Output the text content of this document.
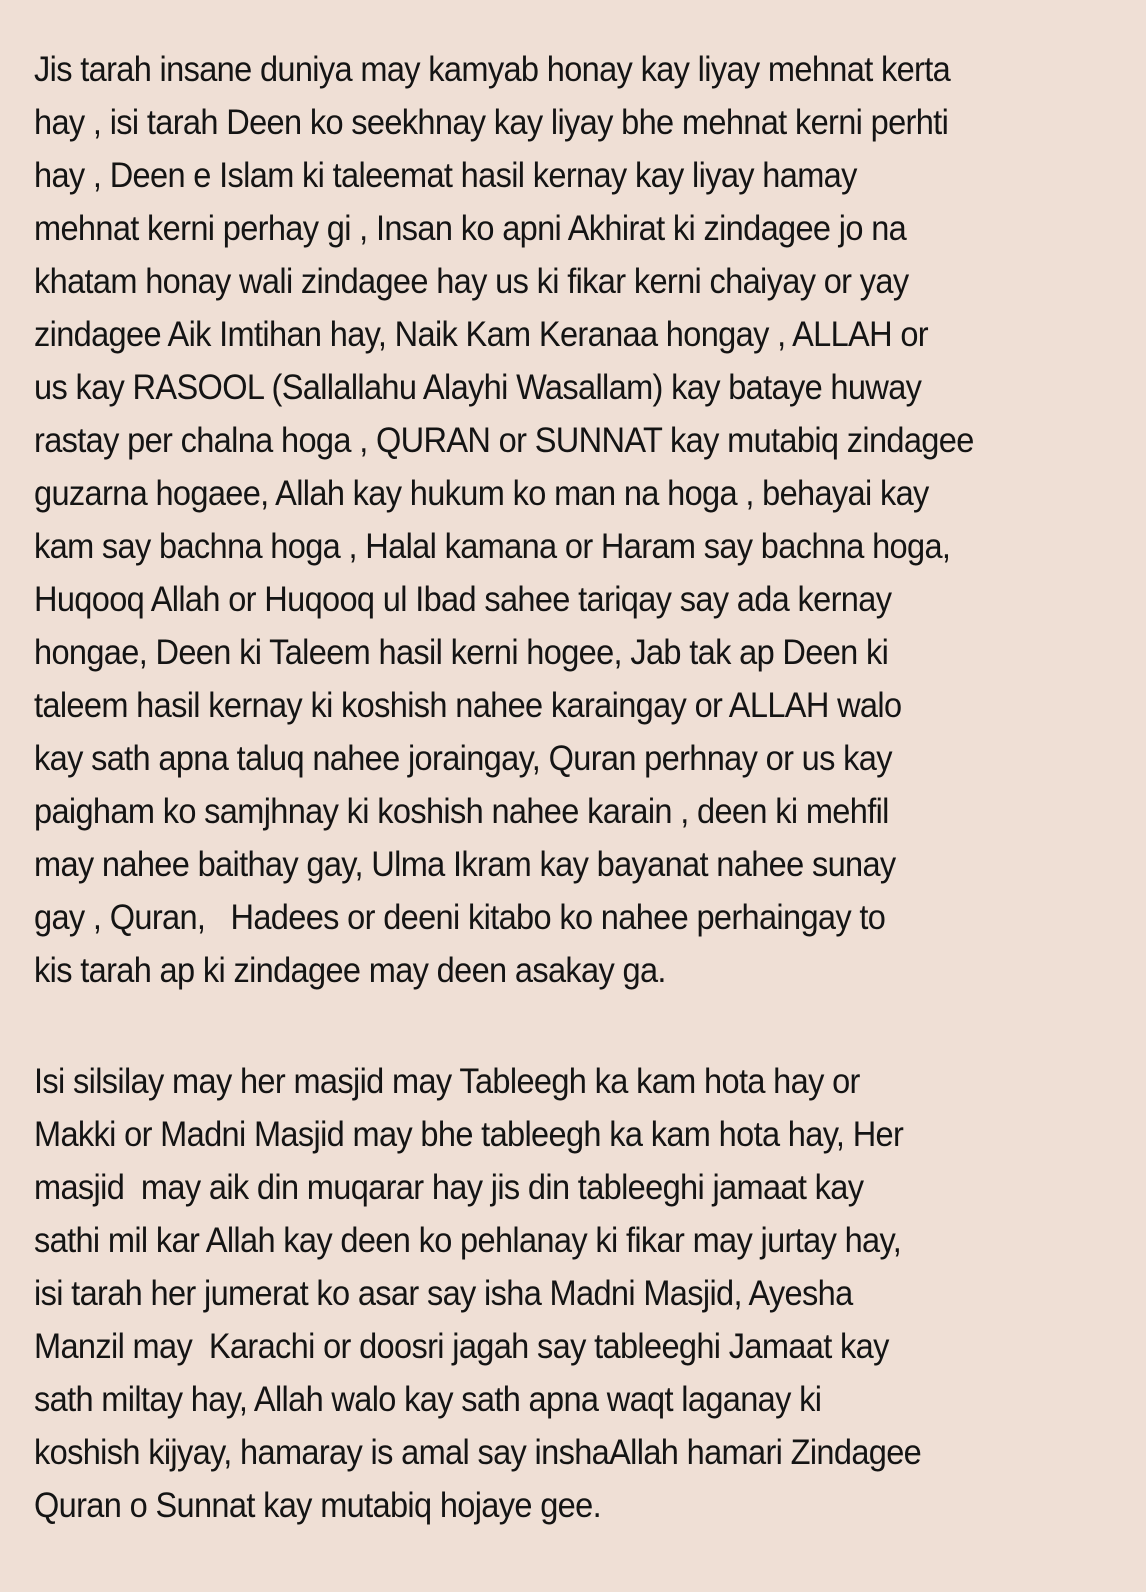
Jis tarah insane duniya may kamyab honay kay liyay mehnat kerta
hay , isi tarah Deen ko seekhnay kay liyay bhe mehnat kerni perhti
hay , Deen e Islam ki taleemat hasil kernay kay liyay hamay
mehnat kerni perhay gi , Insan ko apni Akhirat ki zindagee jo na
khatam honay wali zindagee hay us ki fikar kerni chaiyay or yay
zindagee Aik Imtihan hay, Naik Kam Keranaa hongay , ALLAH or
us kay RASOOL (Sallallahu Alayhi Wasallam) kay bataye huway
rastay per chalna hoga , QURAN or SUNNAT kay mutabiq zindagee
guzarna hogaee, Allah kay hukum ko man na hoga , behayai kay
kam say bachna hoga , Halal kamana or Haram say bachna hoga,
Huqooq Allah or Huqooq ul Ibad sahee tariqay say ada kernay
hongae, Deen ki Taleem hasil kerni hogee, Jab tak ap Deen ki
taleem hasil kernay ki koshish nahee karaingay or ALLAH walo
kay sath apna taluq nahee joraingay, Quran perhnay or us kay
paigham ko samjhnay ki koshish nahee karain , deen ki mehfil
may nahee baithay gay, Ulma Ikram kay bayanat nahee sunay
gay , Quran,   Hadees or deeni kitabo ko nahee perhaingay to
kis tarah ap ki zindagee may deen asakay ga.

Isi silsilay may her masjid may Tableegh ka kam hota hay or
Makki or Madni Masjid may bhe tableegh ka kam hota hay, Her
masjid  may aik din muqarar hay jis din tableeghi jamaat kay
sathi mil kar Allah kay deen ko pehlanay ki fikar may jurtay hay,
isi tarah her jumerat ko asar say isha Madni Masjid, Ayesha
Manzil may  Karachi or doosri jagah say tableeghi Jamaat kay
sath miltay hay, Allah walo kay sath apna waqt laganay ki
koshish kijyay, hamaray is amal say inshaAllah hamari Zindagee
Quran o Sunnat kay mutabiq hojaye gee.
